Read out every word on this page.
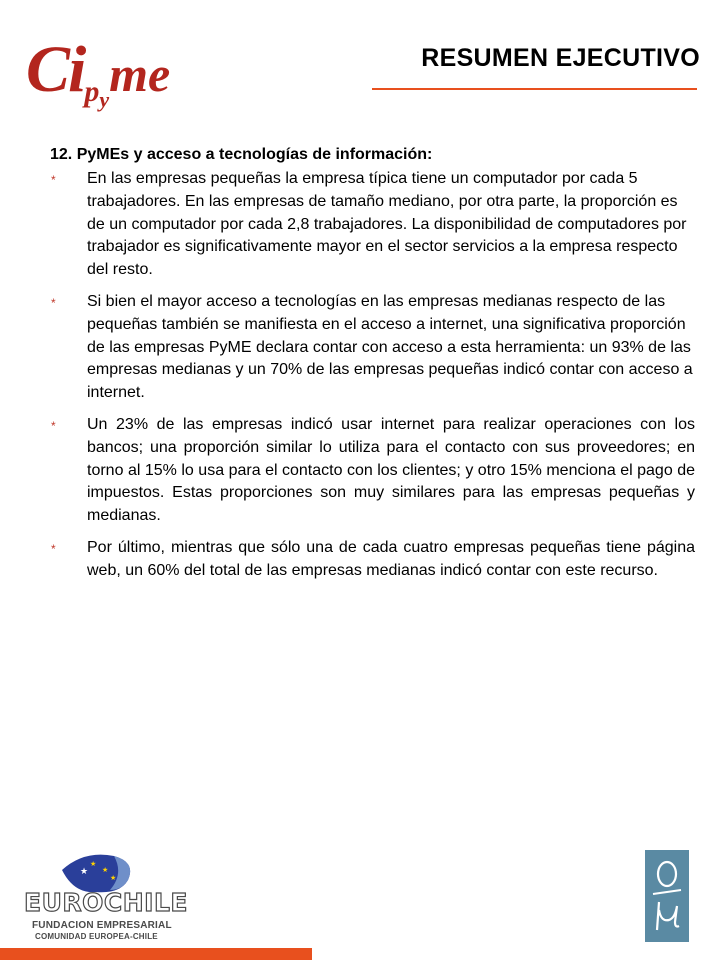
Cipyme	RESUMEN EJECUTIVO
12. PyMEs y acceso a tecnologías de información:
* En las empresas pequeñas la empresa típica tiene un computador por cada 5 trabajadores. En las empresas de tamaño mediano, por otra parte, la proporción es de un computador por cada 2,8 trabajadores. La disponibilidad de computadores por trabajador es significativamente mayor en el sector servicios a la empresa respecto del resto.
* Si bien el mayor acceso a tecnologías en las empresas medianas respecto de las pequeñas también se manifiesta en el acceso a internet, una significativa proporción de las empresas PyME declara contar con acceso a esta herramienta: un 93% de las empresas medianas y un 70% de las empresas pequeñas indicó contar con acceso a internet.
* Un 23% de las empresas indicó usar internet para realizar operaciones con los bancos; una proporción similar lo utiliza para el contacto con sus proveedores; en torno al 15% lo usa para el contacto con los clientes; y otro 15% menciona el pago de impuestos. Estas proporciones son muy similares para las empresas pequeñas y medianas.
* Por último, mientras que sólo una de cada cuatro empresas pequeñas tiene página web, un 60% del total de las empresas medianas indicó contar con este recurso.
★
★
★
★
EUROCHILE
FUNDACION EMPRESARIAL
COMUNIDAD EUROPEA-CHILE
